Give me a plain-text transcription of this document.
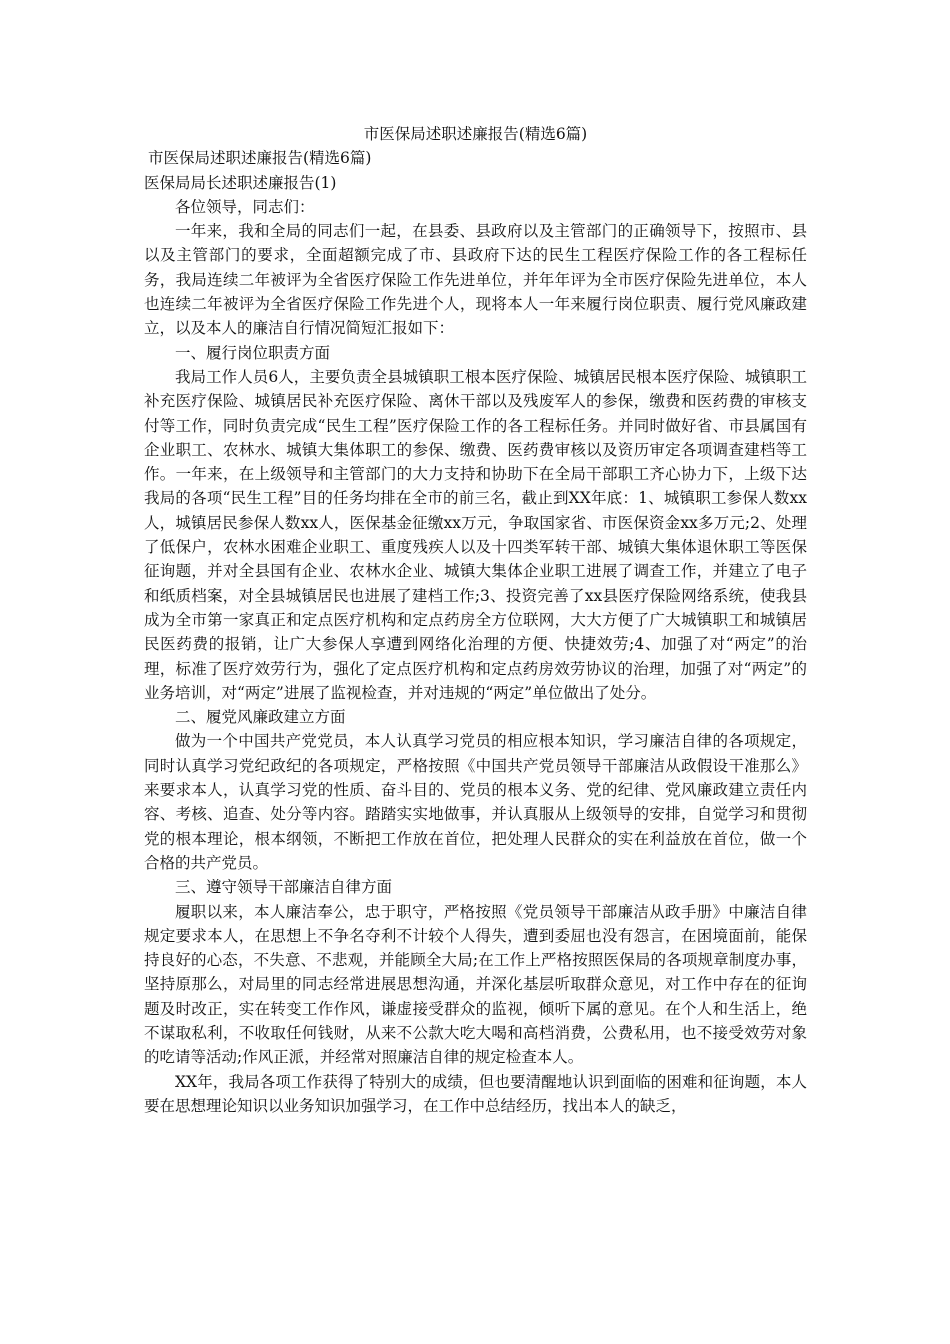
市医保局述职述廉报告(精选6篇)

市医保局述职述廉报告(精选6篇)

医保局局长述职述廉报告(1)

各位领导，同志们：

一年来，我和全局的同志们一起，在县委、县政府以及主管部门的正确领导下，按照市、县以及主管部门的要求，全面超额完成了市、县政府下达的民生工程医疗保险工作的各工程标任务，我局连续二年被评为全省医疗保险工作先进单位，并年年评为全市医疗保险先进单位，本人也连续二年被评为全省医疗保险工作先进个人，现将本人一年来履行岗位职责、履行党风廉政建立，以及本人的廉洁自行情况简短汇报如下：

一、履行岗位职责方面

我局工作人员6人，主要负责全县城镇职工根本医疗保险、城镇居民根本医疗保险、城镇职工补充医疗保险、城镇居民补充医疗保险、离休干部以及残废军人的参保，缴费和医药费的审核支付等工作，同时负责完成“民生工程”医疗保险工作的各工程标任务。并同时做好省、市县属国有企业职工、农林水、城镇大集体职工的参保、缴费、医药费审核以及资历审定各项调查建档等工作。一年来，在上级领导和主管部门的大力支持和协助下在全局干部职工齐心协力下，上级下达我局的各项“民生工程”目的任务均排在全市的前三名，截止到XX年底：1、城镇职工参保人数xx人，城镇居民参保人数xx人，医保基金征缴xx万元，争取国家省、市医保资金xx多万元;2、处理了低保户，农林水困难企业职工、重度残疾人以及十四类军转干部、城镇大集体退休职工等医保征询题，并对全县国有企业、农林水企业、城镇大集体企业职工进展了调查工作，并建立了电子和纸质档案，对全县城镇居民也进展了建档工作;3、投资完善了xx县医疗保险网络系统，使我县成为全市第一家真正和定点医疗机构和定点药房全方位联网，大大方便了广大城镇职工和城镇居民医药费的报销，让广大参保人享遭到网络化治理的方便、快捷效劳;4、加强了对“两定”的治理，标准了医疗效劳行为，强化了定点医疗机构和定点药房效劳协议的治理，加强了对“两定”的业务培训，对“两定”进展了监视检查，并对违规的“两定”单位做出了处分。

二、履党风廉政建立方面

做为一个中国共产党党员，本人认真学习党员的相应根本知识，学习廉洁自律的各项规定，同时认真学习党纪政纪的各项规定，严格按照《中国共产党员领导干部廉洁从政假设干准那么》来要求本人，认真学习党的性质、奋斗目的、党员的根本义务、党的纪律、党风廉政建立责任内容、考核、追查、处分等内容。踏踏实实地做事，并认真服从上级领导的安排，自觉学习和贯彻党的根本理论，根本纲领，不断把工作放在首位，把处理人民群众的实在利益放在首位，做一个合格的共产党员。

三、遵守领导干部廉洁自律方面

履职以来，本人廉洁奉公，忠于职守，严格按照《党员领导干部廉洁从政手册》中廉洁自律规定要求本人，在思想上不争名夺利不计较个人得失，遭到委屈也没有怨言，在困境面前，能保持良好的心态，不失意、不悲观，并能顾全大局;在工作上严格按照医保局的各项规章制度办事，坚持原那么，对局里的同志经常进展思想沟通，并深化基层听取群众意见，对工作中存在的征询题及时改正，实在转变工作作风，谦虚接受群众的监视，倾听下属的意见。在个人和生活上，绝不谋取私利，不收取任何钱财，从来不公款大吃大喝和高档消费，公费私用，也不接受效劳对象的吃请等活动;作风正派，并经常对照廉洁自律的规定检查本人。

XX年，我局各项工作获得了特别大的成绩，但也要清醒地认识到面临的困难和征询题，本人要在思想理论知识以业务知识加强学习，在工作中总结经历，找出本人的缺乏，
